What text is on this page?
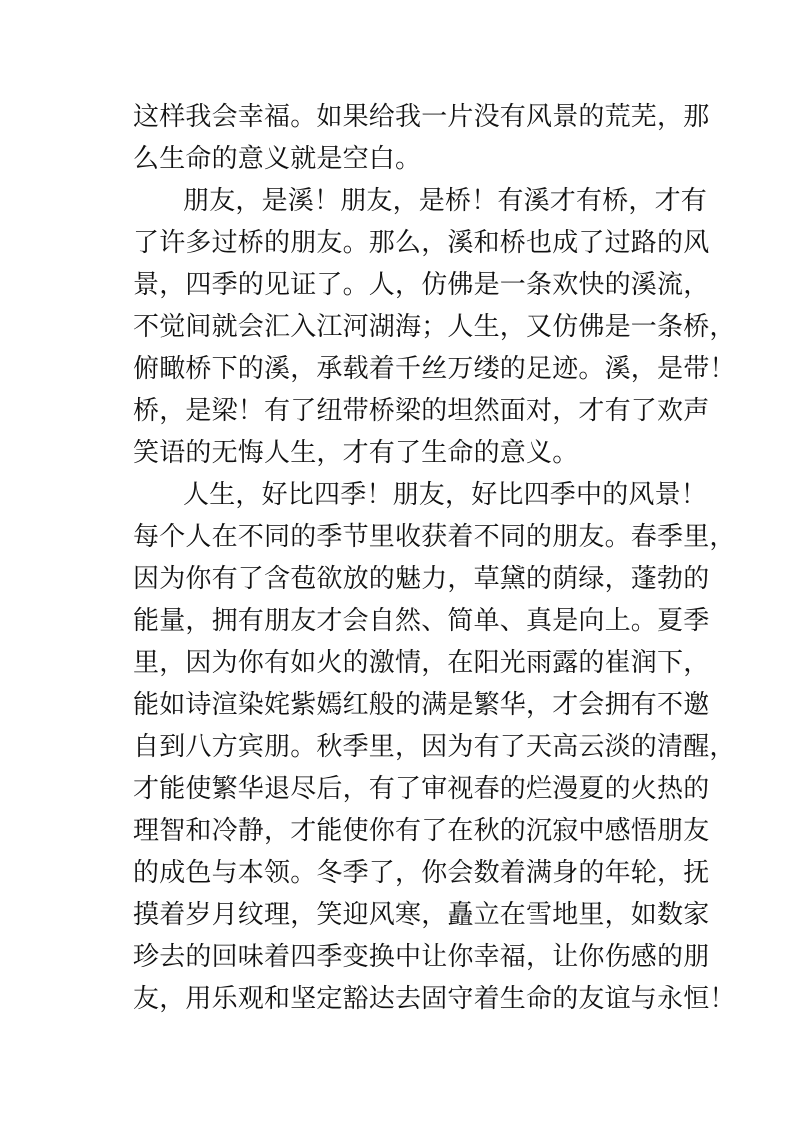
这样我会幸福。如果给我一片没有风景的荒芜，那
么生命的意义就是空白。
朋友，是溪！朋友，是桥！有溪才有桥，才有
了许多过桥的朋友。那么，溪和桥也成了过路的风
景，四季的见证了。人，仿佛是一条欢快的溪流，
不觉间就会汇入江河湖海；人生，又仿佛是一条桥，
俯瞰桥下的溪，承载着千丝万缕的足迹。溪，是带！
桥，是梁！有了纽带桥梁的坦然面对，才有了欢声
笑语的无悔人生，才有了生命的意义。
人生，好比四季！朋友，好比四季中的风景！
每个人在不同的季节里收获着不同的朋友。春季里，
因为你有了含苞欲放的魅力，草黛的荫绿，蓬勃的
能量，拥有朋友才会自然、简单、真是向上。夏季
里，因为你有如火的激情，在阳光雨露的崔润下，
能如诗渲染姹紫嫣红般的满是繁华，才会拥有不邀
自到八方宾朋。秋季里，因为有了天高云淡的清醒，
才能使繁华退尽后，有了审视春的烂漫夏的火热的
理智和冷静，才能使你有了在秋的沉寂中感悟朋友
的成色与本领。冬季了，你会数着满身的年轮，抚
摸着岁月纹理，笑迎风寒，矗立在雪地里，如数家
珍去的回味着四季变换中让你幸福，让你伤感的朋
友，用乐观和坚定豁达去固守着生命的友谊与永恒！
